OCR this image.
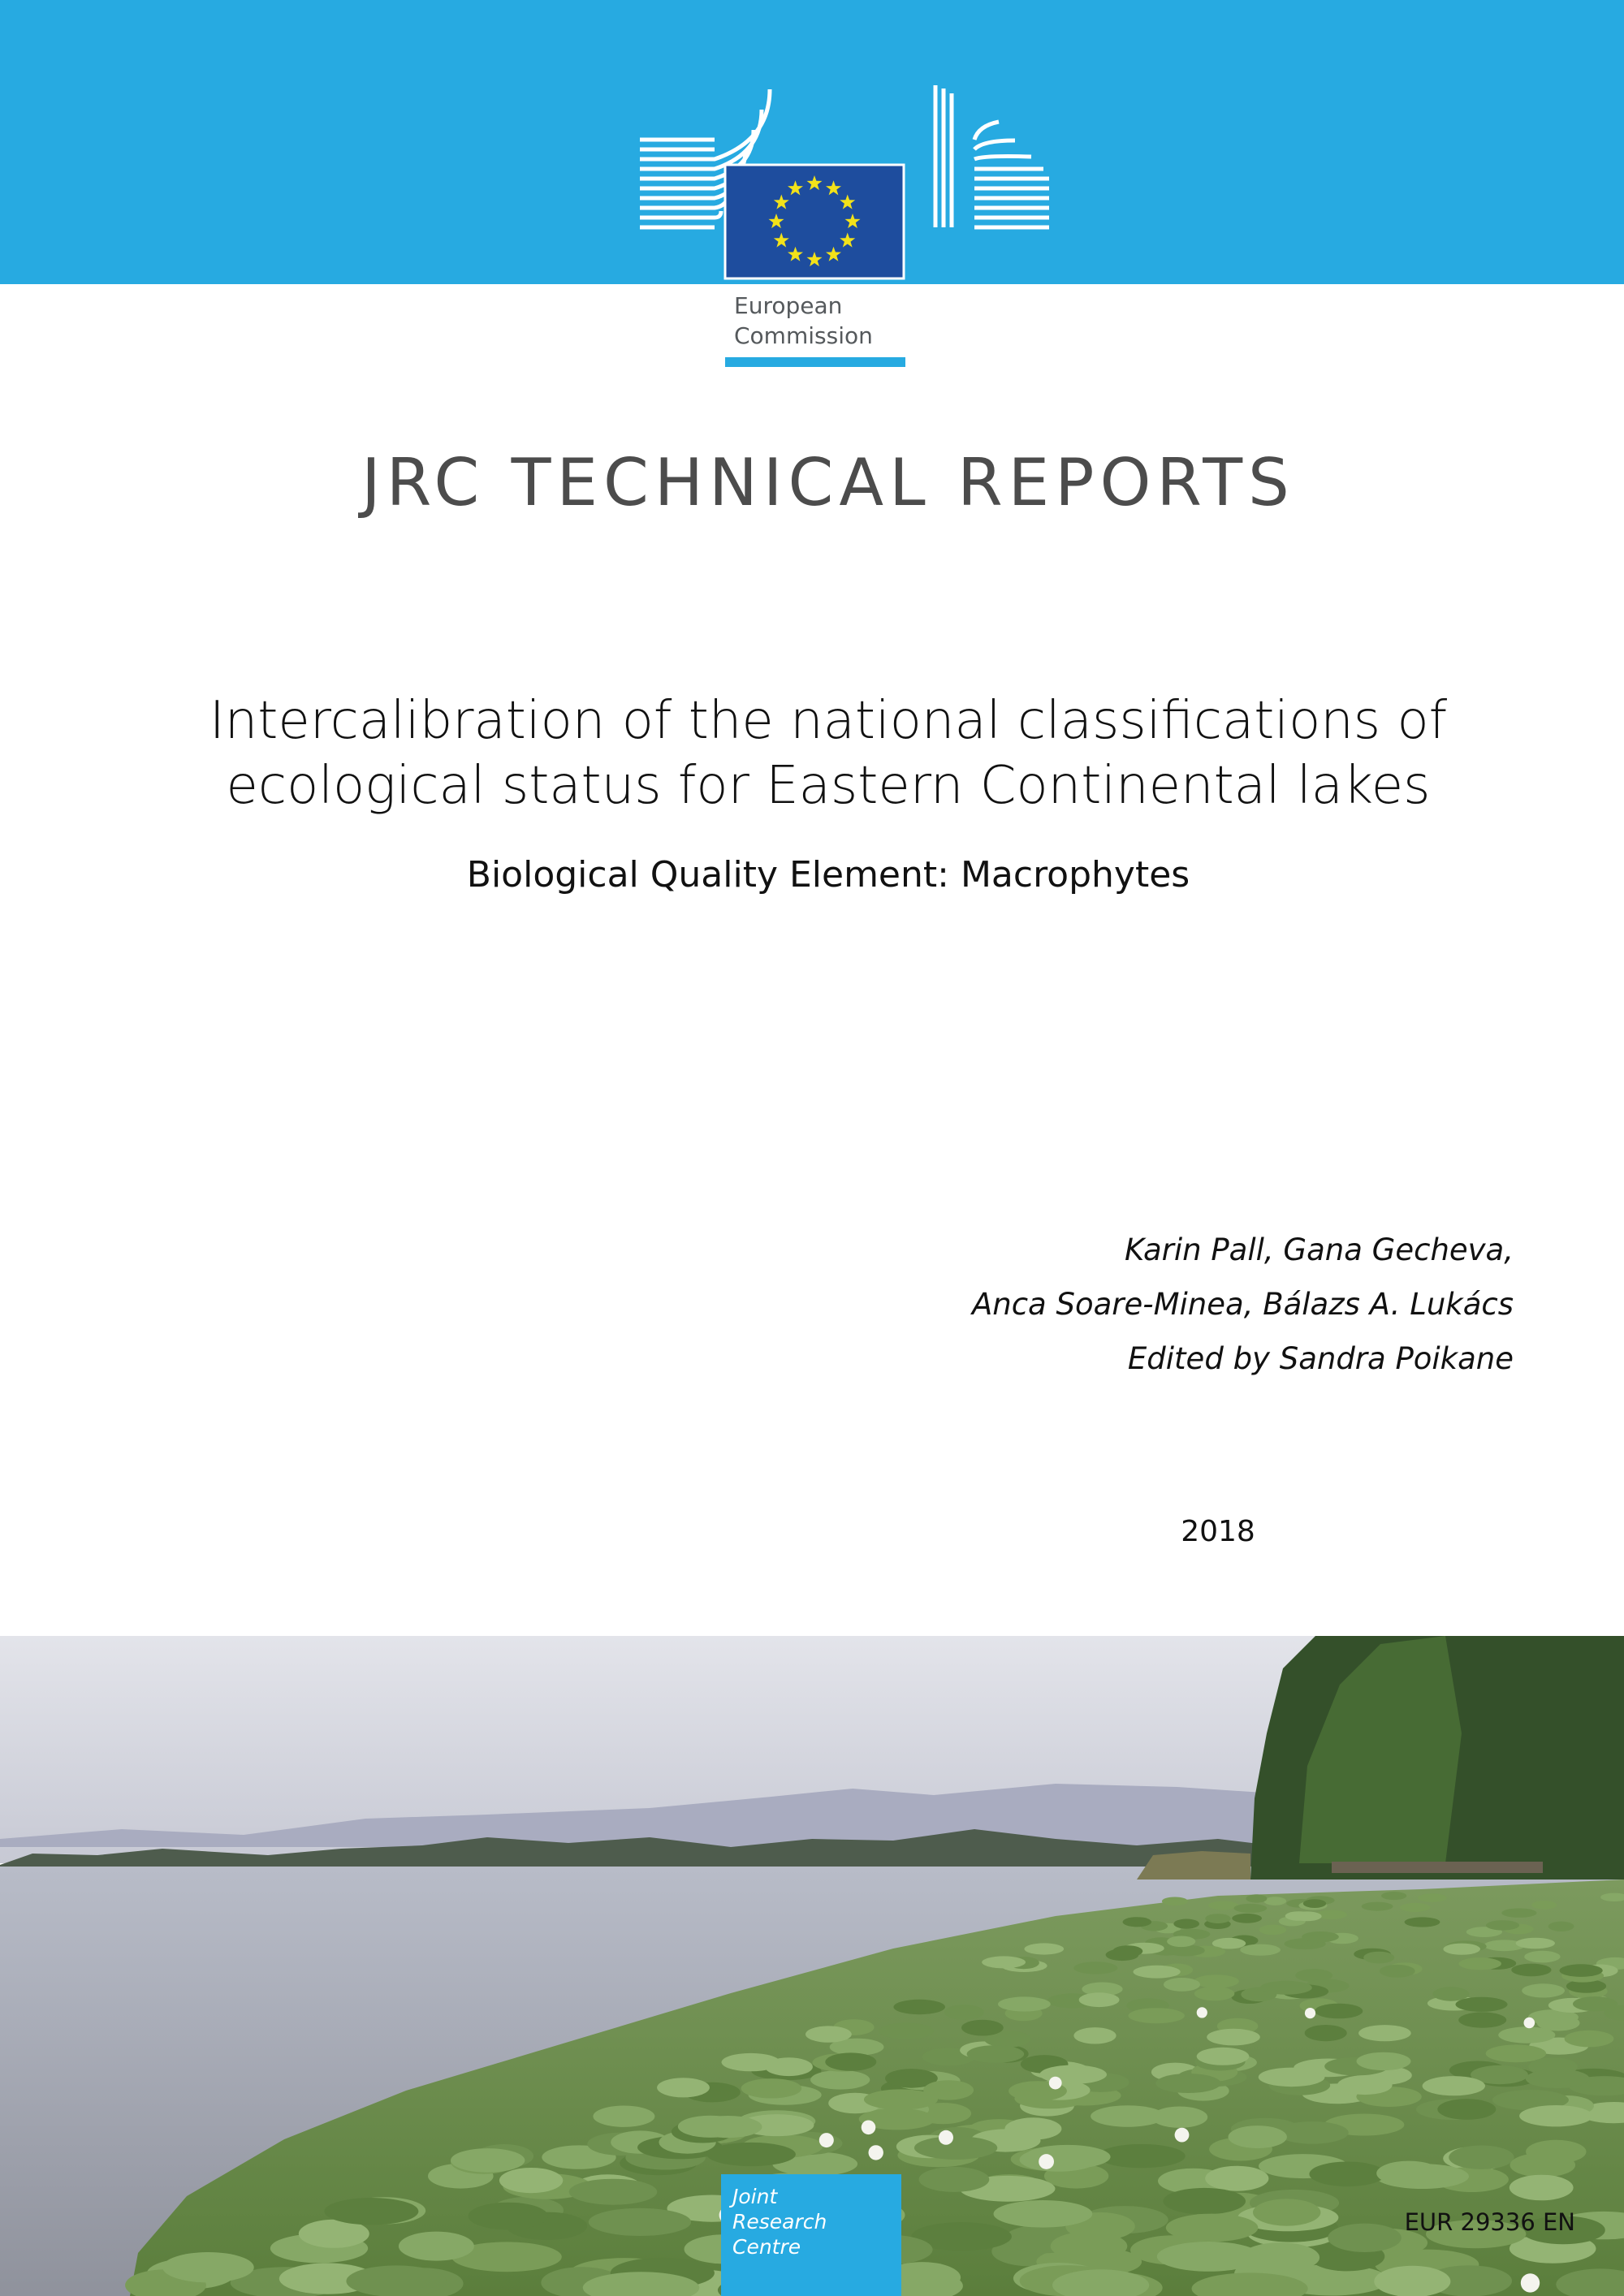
European
Commission
JRC TECHNICAL REPORTS
Intercalibration of the national classifications of
ecological status for Eastern Continental lakes
Biological Quality Element: Macrophytes
Karin Pall, Gana Gecheva,
Anca Soare-Minea, Bálazs A. Lukács
Edited by Sandra Poikane
2018
Joint
Research
Centre
EUR 29336 EN
